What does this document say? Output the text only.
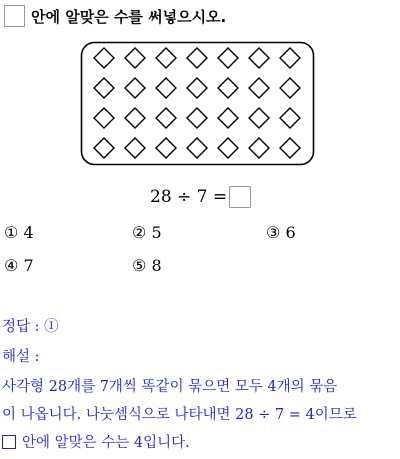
안에 알맞은 수를 써넣으시오.
28 ÷ 7 =
① 4	② 5	③ 6
④ 7	⑤ 8
정답 : ①
해설 :
사각형 28개를 7개씩 똑같이 묶으면 모두 4개의 묶음
이 나옵니다. 나눗셈식으로 나타내면 28 ÷ 7 = 4이므로
안에 알맞은 수는 4입니다.
